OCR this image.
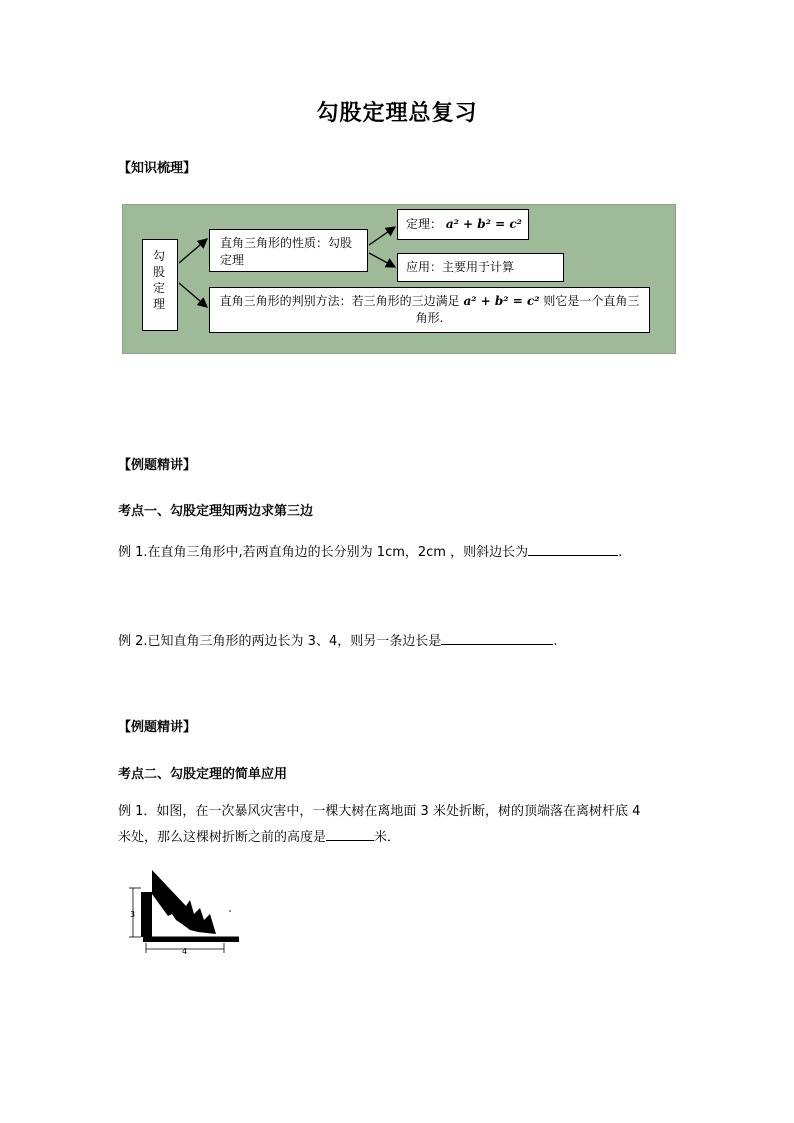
勾股定理总复习
【知识梳理】
勾股定理
直角三角形的性质：勾股定理
定理： a² + b² = c²
应用：主要用于计算
直角三角形的判别方法：若三角形的三边满足 a² + b² = c² 则它是一个直角三角形.
【例题精讲】
考点一、勾股定理知两边求第三边
例 1.在直角三角形中,若两直角边的长分别为 1cm，2cm ，则斜边长为	.
例 2.已知直角三角形的两边长为 3、4，则另一条边长是	.
【例题精讲】
考点二、勾股定理的简单应用
例 1．如图，在一次暴风灾害中，一棵大树在离地面 3 米处折断，树的顶端落在离树杆底 4
米处，那么这棵树折断之前的高度是	米．
3
4
